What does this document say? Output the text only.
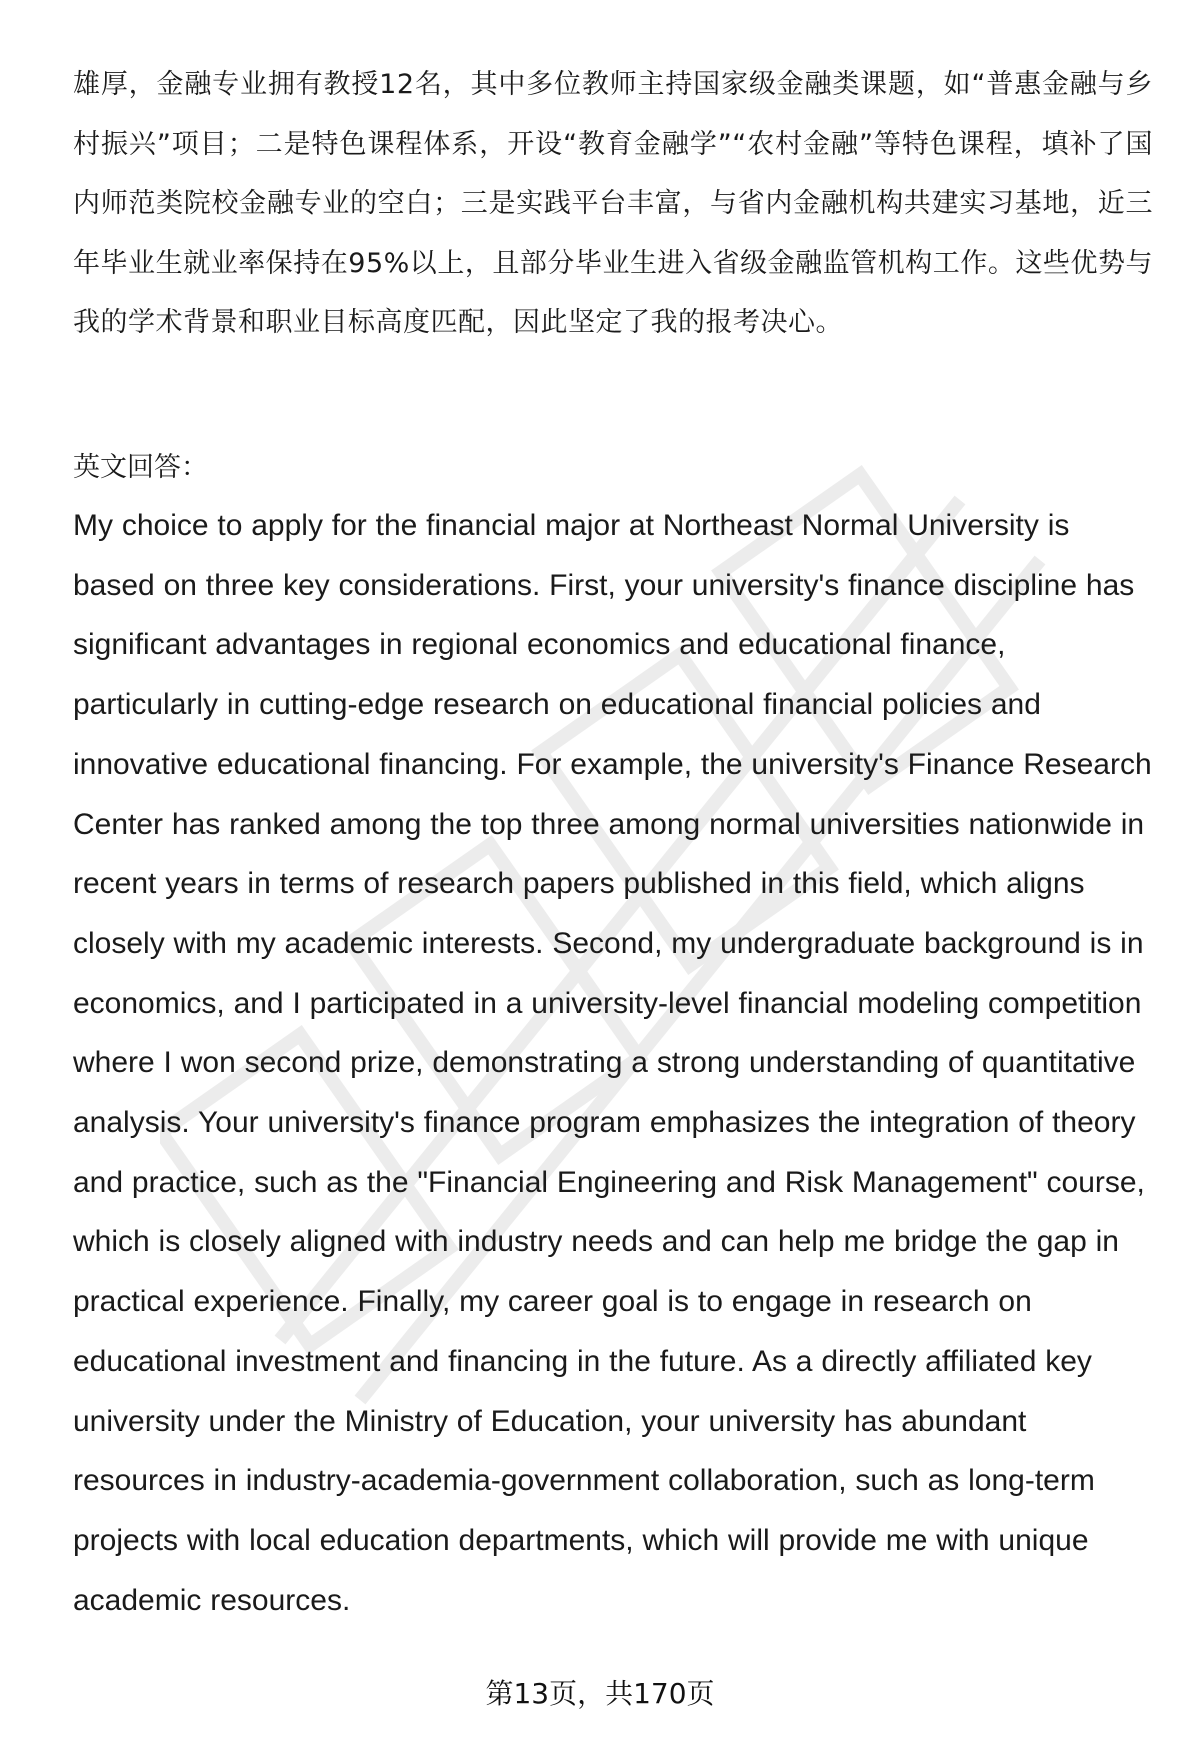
雄厚，金融专业拥有教授12名，其中多位教师主持国家级金融类课题，如“普惠金融与乡村振兴”项目；二是特色课程体系，开设“教育金融学”“农村金融”等特色课程，填补了国内师范类院校金融专业的空白；三是实践平台丰富，与省内金融机构共建实习基地，近三年毕业生就业率保持在95%以上，且部分毕业生进入省级金融监管机构工作。这些优势与我的学术背景和职业目标高度匹配，因此坚定了我的报考决心。
英文回答：
My choice to apply for the financial major at Northeast Normal University is based on three key considerations. First, your university's finance discipline has significant advantages in regional economics and educational finance, particularly in cutting-edge research on educational financial policies and innovative educational financing. For example, the university's Finance Research Center has ranked among the top three among normal universities nationwide in recent years in terms of research papers published in this field, which aligns closely with my academic interests. Second, my undergraduate background is in economics, and I participated in a university-level financial modeling competition where I won second prize, demonstrating a strong understanding of quantitative analysis. Your university's finance program emphasizes the integration of theory and practice, such as the "Financial Engineering and Risk Management" course, which is closely aligned with industry needs and can help me bridge the gap in practical experience. Finally, my career goal is to engage in research on educational investment and financing in the future. As a directly affiliated key university under the Ministry of Education, your university has abundant resources in industry-academia-government collaboration, such as long-term projects with local education departments, which will provide me with unique academic resources.
第13页，共170页
